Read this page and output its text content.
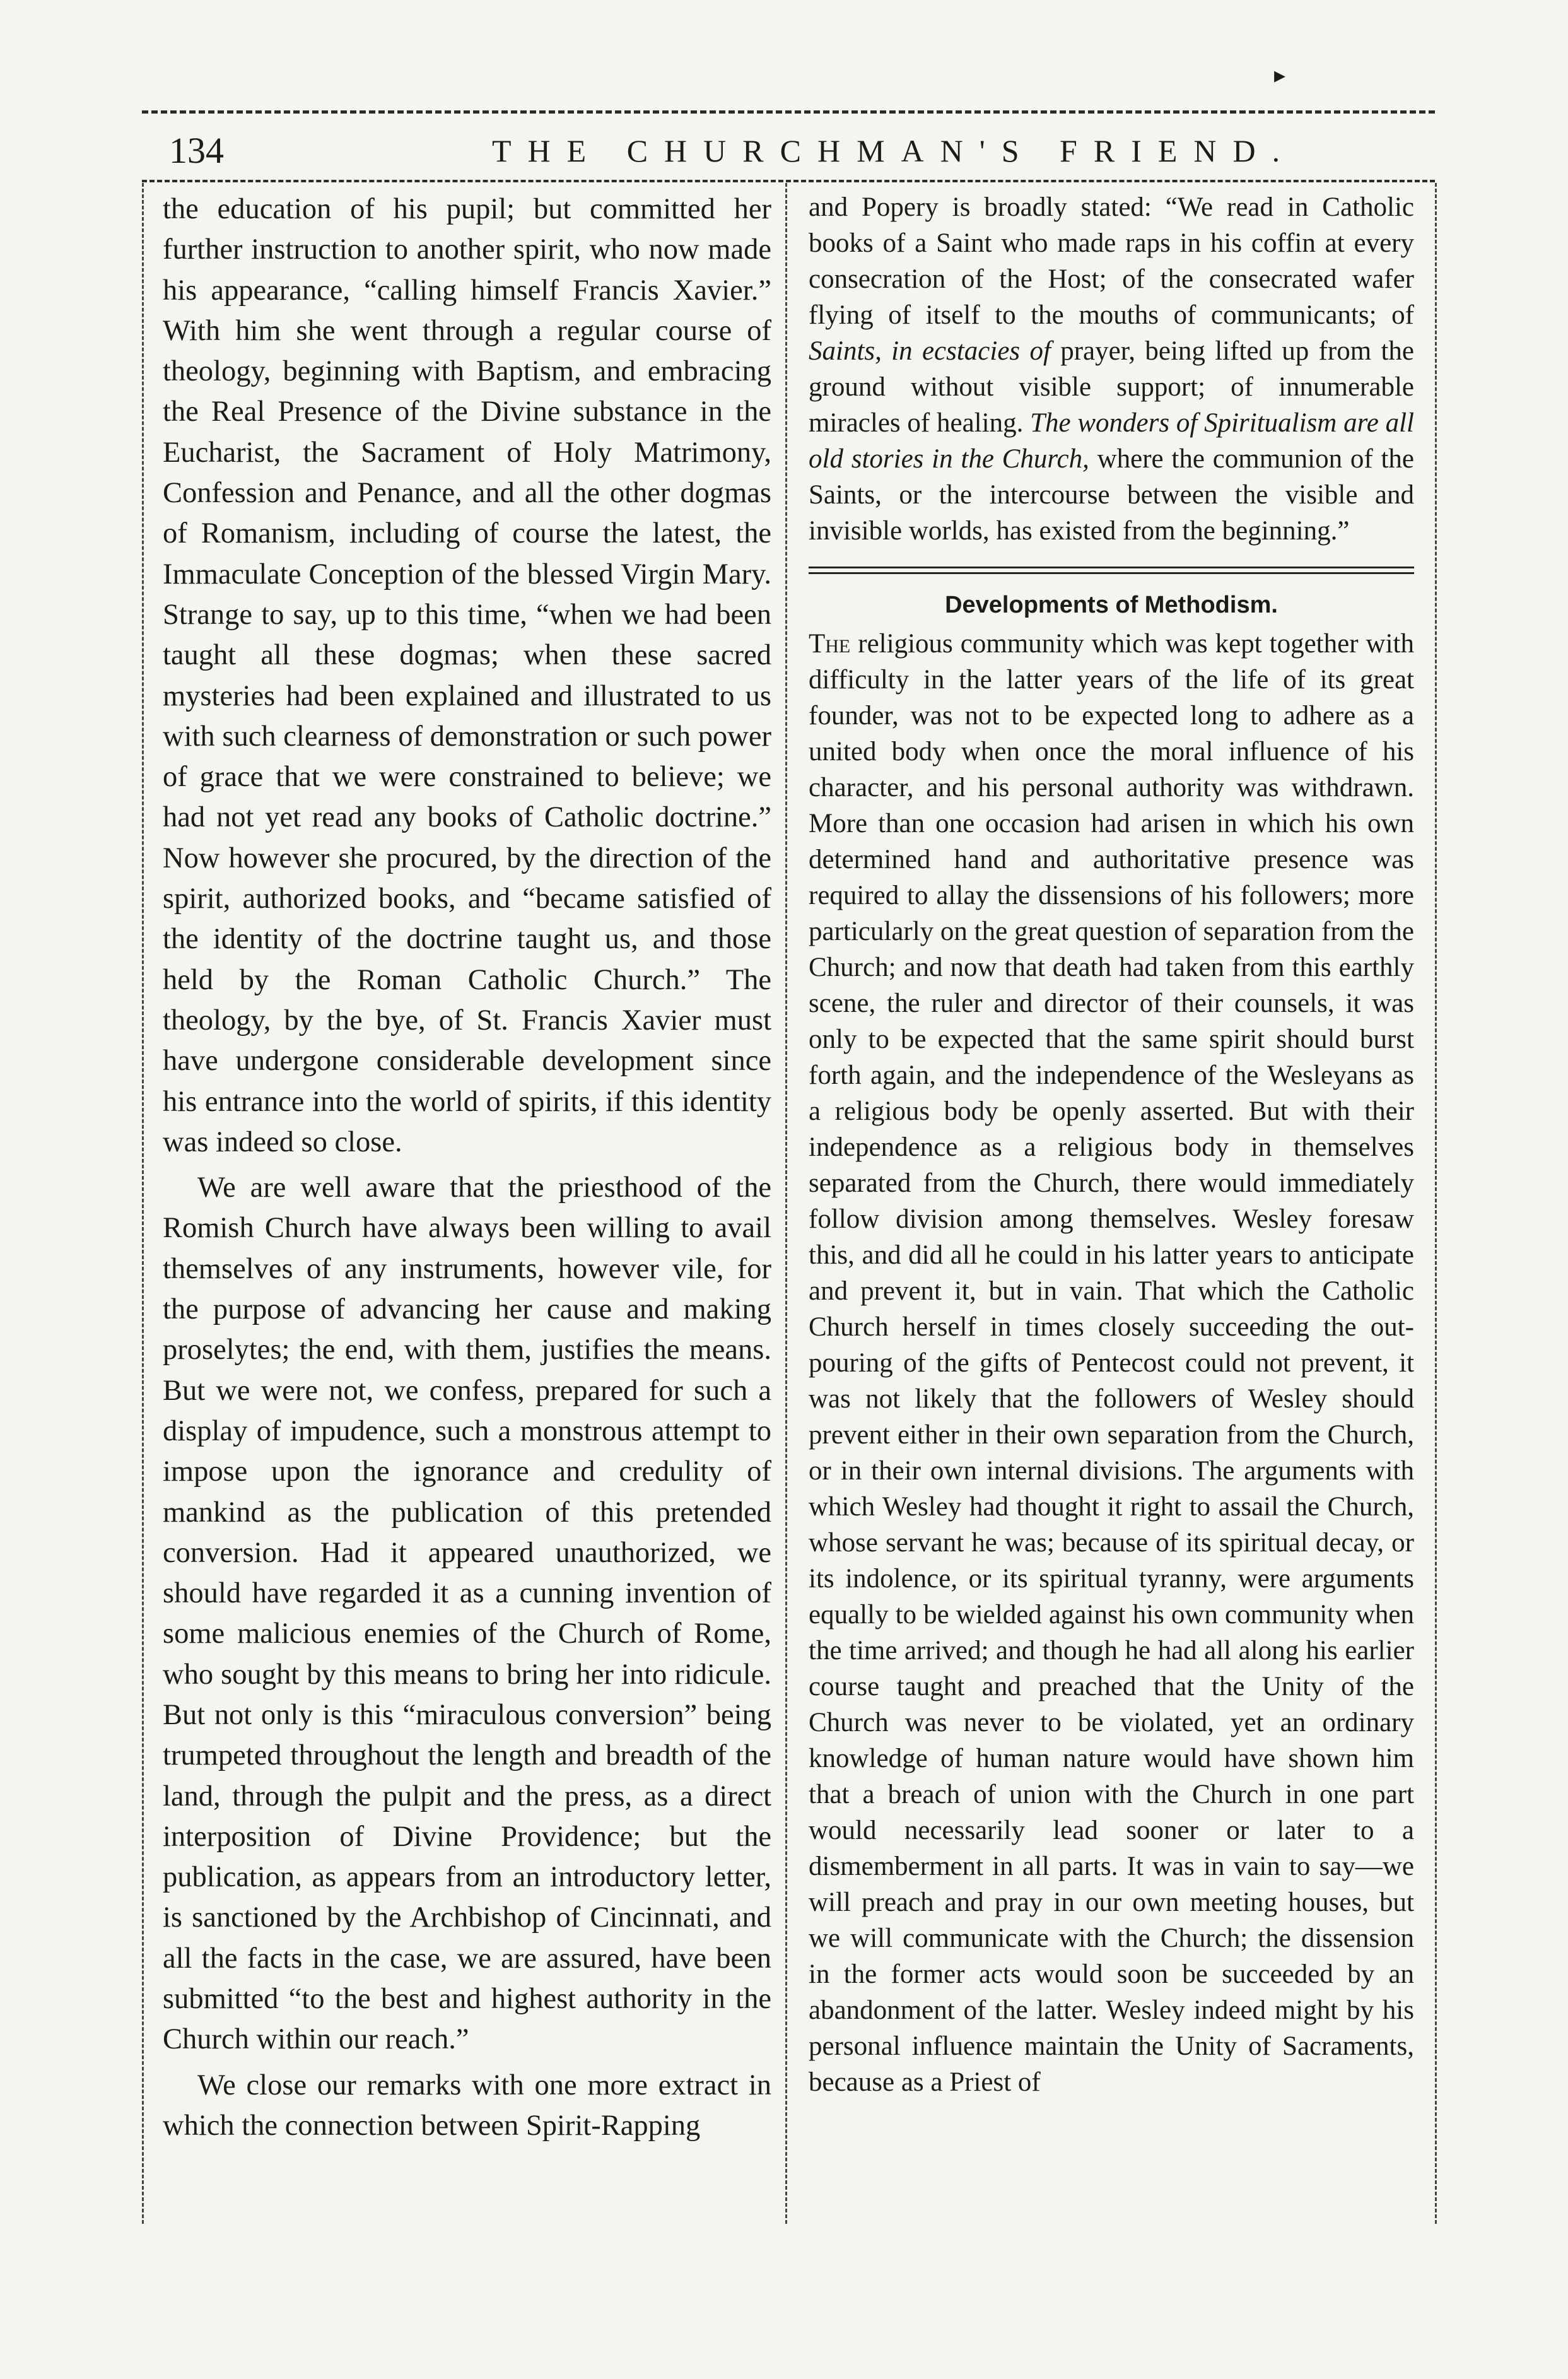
▸
134	THE CHURCHMAN'S FRIEND.

the education of his pupil; but committed her further instruction to another spirit, who now made his appearance, “calling himself Francis Xavier.” With him she went through a regular course of theology, beginning with Baptism, and embracing the Real Presence of the Divine substance in the Eucharist, the Sacrament of Holy Matrimony, Confession and Penance, and all the other dogmas of Romanism, including of course the latest, the Immaculate Conception of the blessed Virgin Mary. Strange to say, up to this time, “when we had been taught all these dogmas; when these sacred mysteries had been explained and illustrated to us with such clearness of demonstration or such power of grace that we were constrained to believe; we had not yet read any books of Catholic doctrine.” Now however she procured, by the direction of the spirit, authorized books, and “became satisfied of the identity of the doctrine taught us, and those held by the Roman Catholic Church.” The theology, by the bye, of St. Francis Xavier must have undergone considerable development since his entrance into the world of spirits, if this identity was indeed so close.

We are well aware that the priesthood of the Romish Church have always been willing to avail themselves of any instruments, however vile, for the purpose of advancing her cause and making proselytes; the end, with them, justifies the means. But we were not, we confess, prepared for such a display of impudence, such a monstrous attempt to impose upon the ignorance and credulity of mankind as the publication of this pretended conversion. Had it appeared unauthorized, we should have regarded it as a cunning invention of some malicious enemies of the Church of Rome, who sought by this means to bring her into ridicule. But not only is this “miraculous conversion” being trumpeted throughout the length and breadth of the land, through the pulpit and the press, as a direct interposition of Divine Providence; but the publication, as appears from an introductory letter, is sanctioned by the Archbishop of Cincinnati, and all the facts in the case, we are assured, have been submitted “to the best and highest authority in the Church within our reach.”

We close our remarks with one more extract in which the connection between Spirit-Rapping

and Popery is broadly stated: “We read in Catholic books of a Saint who made raps in his coffin at every consecration of the Host; of the consecrated wafer flying of itself to the mouths of communicants; of Saints, in ecstacies of prayer, being lifted up from the ground without visible support; of innumerable miracles of healing. The wonders of Spiritualism are all old stories in the Church, where the communion of the Saints, or the intercourse between the visible and invisible worlds, has existed from the beginning.”

Developments of Methodism.

The religious community which was kept together with difficulty in the latter years of the life of its great founder, was not to be expected long to adhere as a united body when once the moral influence of his character, and his personal authority was withdrawn. More than one occasion had arisen in which his own determined hand and authoritative presence was required to allay the dissensions of his followers; more particularly on the great question of separation from the Church; and now that death had taken from this earthly scene, the ruler and director of their counsels, it was only to be expected that the same spirit should burst forth again, and the independence of the Wesleyans as a religious body be openly asserted. But with their independence as a religious body in themselves separated from the Church, there would immediately follow division among themselves. Wesley foresaw this, and did all he could in his latter years to anticipate and prevent it, but in vain. That which the Catholic Church herself in times closely succeeding the out-pouring of the gifts of Pentecost could not prevent, it was not likely that the followers of Wesley should prevent either in their own separation from the Church, or in their own internal divisions. The arguments with which Wesley had thought it right to assail the Church, whose servant he was; because of its spiritual decay, or its indolence, or its spiritual tyranny, were arguments equally to be wielded against his own community when the time arrived; and though he had all along his earlier course taught and preached that the Unity of the Church was never to be violated, yet an ordinary knowledge of human nature would have shown him that a breach of union with the Church in one part would necessarily lead sooner or later to a dismemberment in all parts. It was in vain to say—we will preach and pray in our own meeting houses, but we will communicate with the Church; the dissension in the former acts would soon be succeeded by an abandonment of the latter. Wesley indeed might by his personal influence maintain the Unity of Sacraments, because as a Priest of
